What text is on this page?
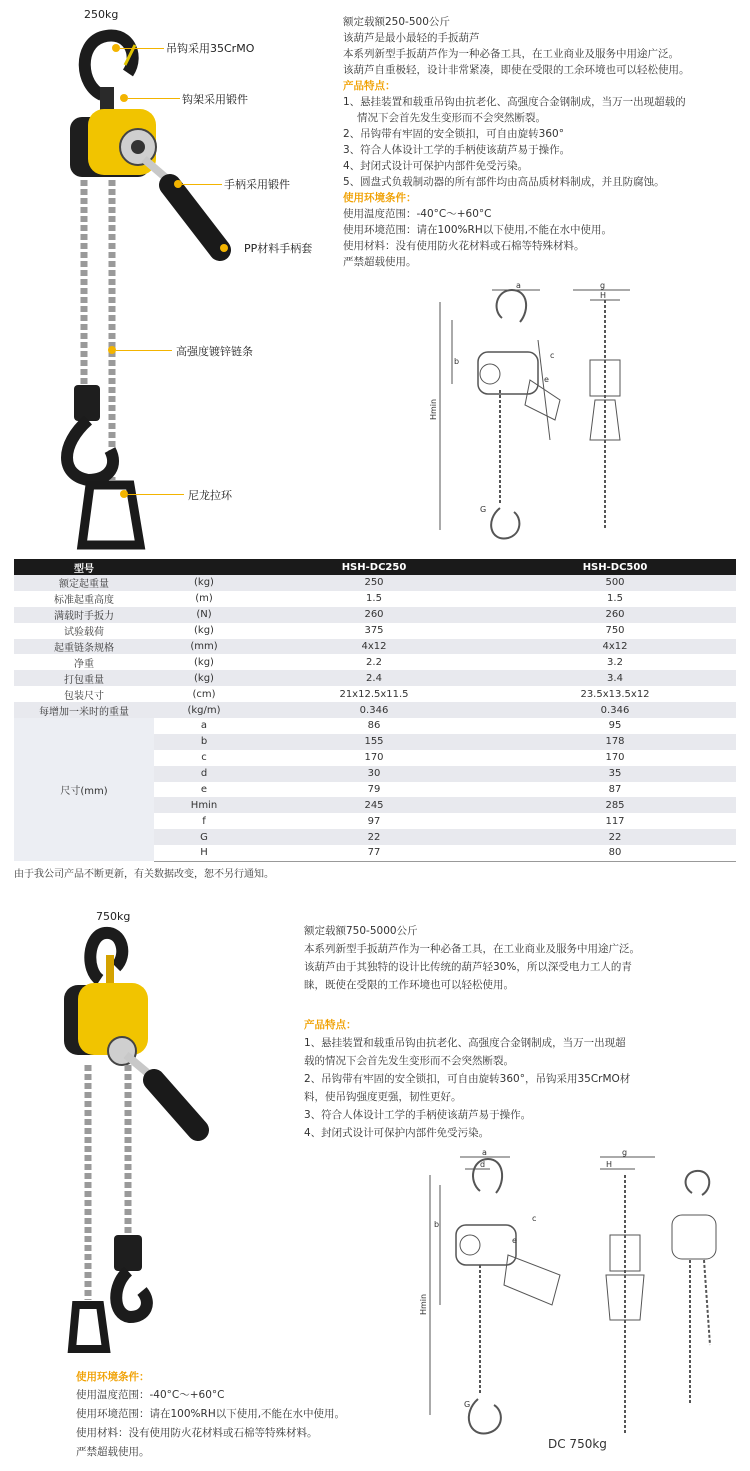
250kg
吊钩采用35CrMO
钩架采用锻件
手柄采用锻件
PP材料手柄套
高强度镀锌链条
尼龙拉环
额定载额250-500公斤
该葫芦是最小最轻的手扳葫芦
本系列新型手扳葫芦作为一种必备工具，在工业商业及服务中用途广泛。
该葫芦自重极轻，设计非常紧凑，即使在受限的工余环境也可以轻松使用。
产品特点：
1、悬挂装置和载重吊钩由抗老化、高强度合金钢制成，当万一出现超载的
情况下会首先发生变形而不会突然断裂。
2、吊钩带有牢固的安全锁扣，可自由旋转360°
3、符合人体设计工学的手柄使该葫芦易于操作。
4、封闭式设计可保护内部件免受污染。
5、圆盘式负载制动器的所有部件均由高品质材料制成，并且防腐蚀。
使用环境条件：
使用温度范围：-40°C～+60°C
使用环境范围：请在100%RH以下使用,不能在水中使用。
使用材料：没有使用防火花材料或石棉等特殊材料。
严禁超载使用。
a
b
c
e
Hmin
g
H
G
型号		HSH-DC250	HSH-DC500
额定起重量	(kg)	250	500
标准起重高度	(m)	1.5	1.5
满载时手扳力	(N)	260	260
试验载荷	(kg)	375	750
起重链条规格	(mm)	4x12	4x12
净重	(kg)	2.2	3.2
打包重量	(kg)	2.4	3.4
包装尺寸	(cm)	21x12.5x11.5	23.5x13.5x12
每增加一米时的重量	(kg/m)	0.346	0.346
尺寸(mm)	a	86	95
	b	155	178
	c	170	170
	d	30	35
	e	79	87
	Hmin	245	285
	f	97	117
	G	22	22
	H	77	80
由于我公司产品不断更新，有关数据改变，恕不另行通知。
750kg
额定载额750-5000公斤
本系列新型手扳葫芦作为一种必备工具，在工业商业及服务中用途广泛。
该葫芦由于其独特的设计比传统的葫芦轻30%，所以深受电力工人的青
睐，既使在受限的工作环境也可以轻松使用。
产品特点：
1、悬挂装置和载重吊钩由抗老化、高强度合金钢制成，当万一出现超
载的情况下会首先发生变形而不会突然断裂。
2、吊钩带有牢固的安全锁扣，可自由旋转360°，吊钩采用35CrMO材
料，使吊钩强度更强，韧性更好。
3、符合人体设计工学的手柄使该葫芦易于操作。
4、封闭式设计可保护内部件免受污染。
a
d
b
c
e
Hmin
g
H
G
DC 750kg
使用环境条件：
使用温度范围：-40°C～+60°C
使用环境范围：请在100%RH以下使用,不能在水中使用。
使用材料：没有使用防火花材料或石棉等特殊材料。
严禁超载使用。
